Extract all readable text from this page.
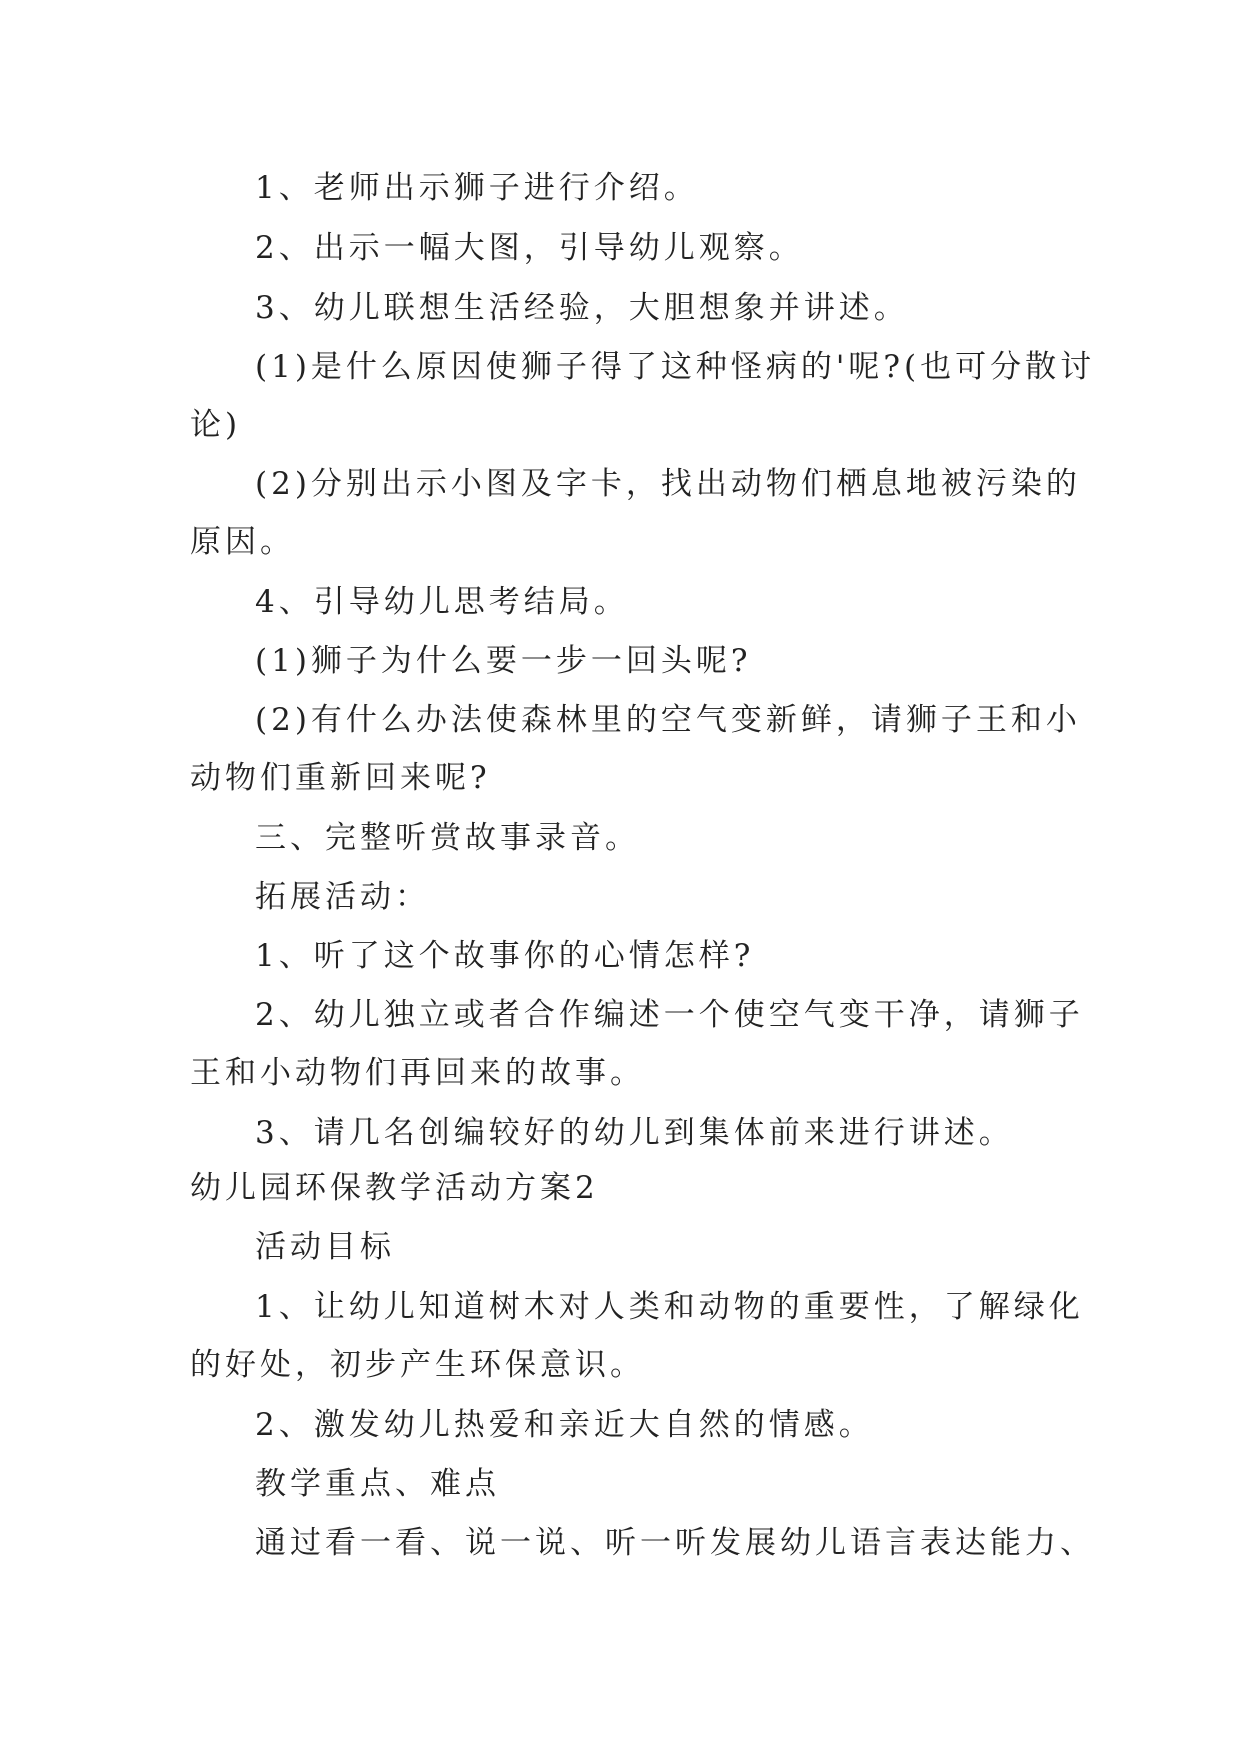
1、老师出示狮子进行介绍。
2、出示一幅大图，引导幼儿观察。
3、幼儿联想生活经验，大胆想象并讲述。
(1)是什么原因使狮子得了这种怪病的'呢?(也可分散讨
论)
(2)分别出示小图及字卡，找出动物们栖息地被污染的
原因。
4、引导幼儿思考结局。
(1)狮子为什么要一步一回头呢?
(2)有什么办法使森林里的空气变新鲜，请狮子王和小
动物们重新回来呢?
三、完整听赏故事录音。
拓展活动：
1、听了这个故事你的心情怎样?
2、幼儿独立或者合作编述一个使空气变干净，请狮子
王和小动物们再回来的故事。
3、请几名创编较好的幼儿到集体前来进行讲述。
幼儿园环保教学活动方案2
活动目标
1、让幼儿知道树木对人类和动物的重要性，了解绿化
的好处，初步产生环保意识。
2、激发幼儿热爱和亲近大自然的情感。
教学重点、难点
通过看一看、说一说、听一听发展幼儿语言表达能力、
